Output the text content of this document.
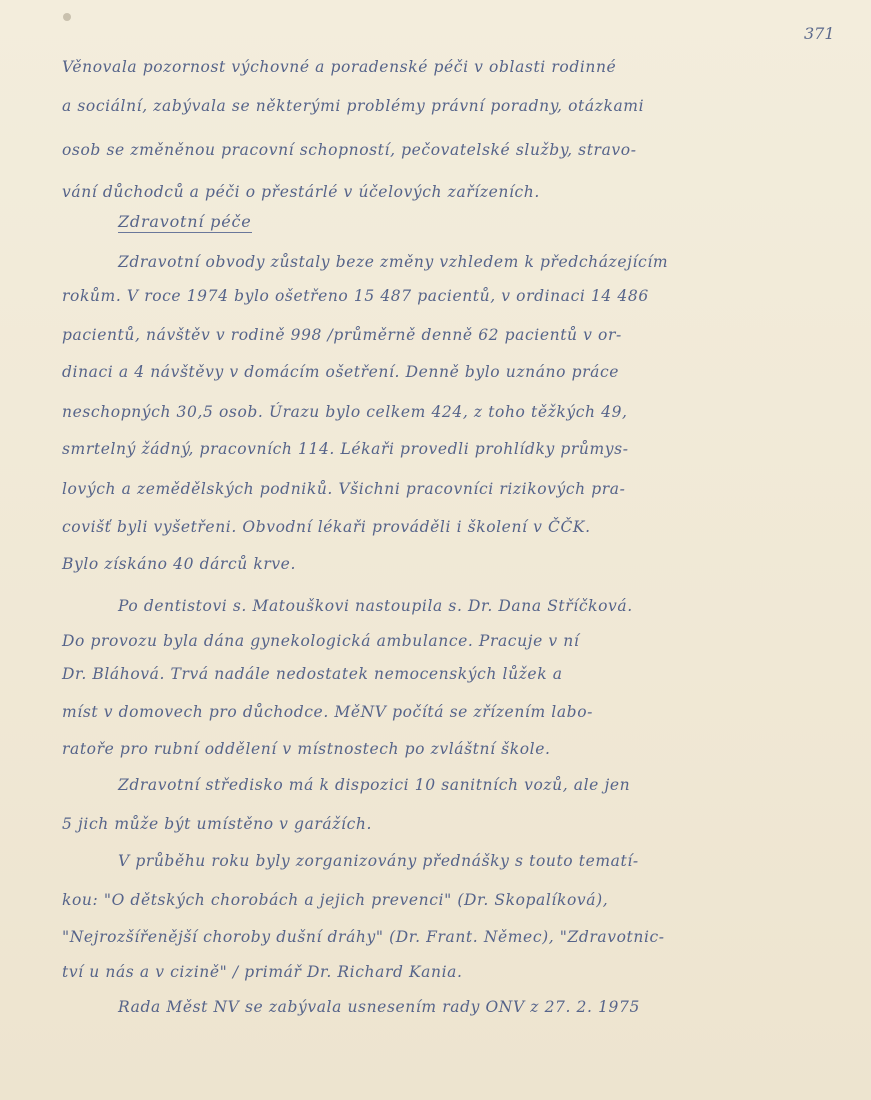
371
Věnovala pozornost výchovné a poradenské péči v oblasti rodinné
a sociální, zabývala se některými problémy právní poradny, otázkami
osob se změněnou pracovní schopností, pečovatelské služby, stravo-
vání důchodců a péči o přestárlé v účelových zařízeních.
Zdravotní péče
Zdravotní obvody zůstaly beze změny vzhledem k předcházejícím
rokům. V roce 1974 bylo ošetřeno 15 487 pacientů, v ordinaci 14 486
pacientů, návštěv v rodině 998 /průměrně denně 62 pacientů v or-
dinaci a 4 návštěvy v domácím ošetření. Denně bylo uznáno práce
neschopných 30,5 osob. Úrazu bylo celkem 424, z toho těžkých 49,
smrtelný žádný, pracovních 114. Lékaři provedli prohlídky průmys-
lových a zemědělských podniků. Všichni pracovníci rizikových pra-
covišť byli vyšetřeni. Obvodní lékaři prováděli i školení v ČČK.
Bylo získáno 40 dárců krve.
Po dentistovi s. Matouškovi nastoupila s. Dr. Dana Stříčková.
Do provozu byla dána gynekologická ambulance. Pracuje v ní
Dr. Bláhová. Trvá nadále nedostatek nemocenských lůžek a
míst v domovech pro důchodce. MěNV počítá se zřízením labo-
ratoře pro rubní oddělení v místnostech po zvláštní škole.
Zdravotní středisko má k dispozici 10 sanitních vozů, ale jen
5 jich může být umístěno v garážích.
V průběhu roku byly zorganizovány přednášky s touto tematí-
kou: "O dětských chorobách a jejich prevenci" (Dr. Skopalíková),
"Nejrozšířenější choroby dušní dráhy" (Dr. Frant. Němec), "Zdravotnic-
tví u nás a v cizině" / primář Dr. Richard Kania.
Rada Měst NV se zabývala usnesením rady ONV z 27. 2. 1975
